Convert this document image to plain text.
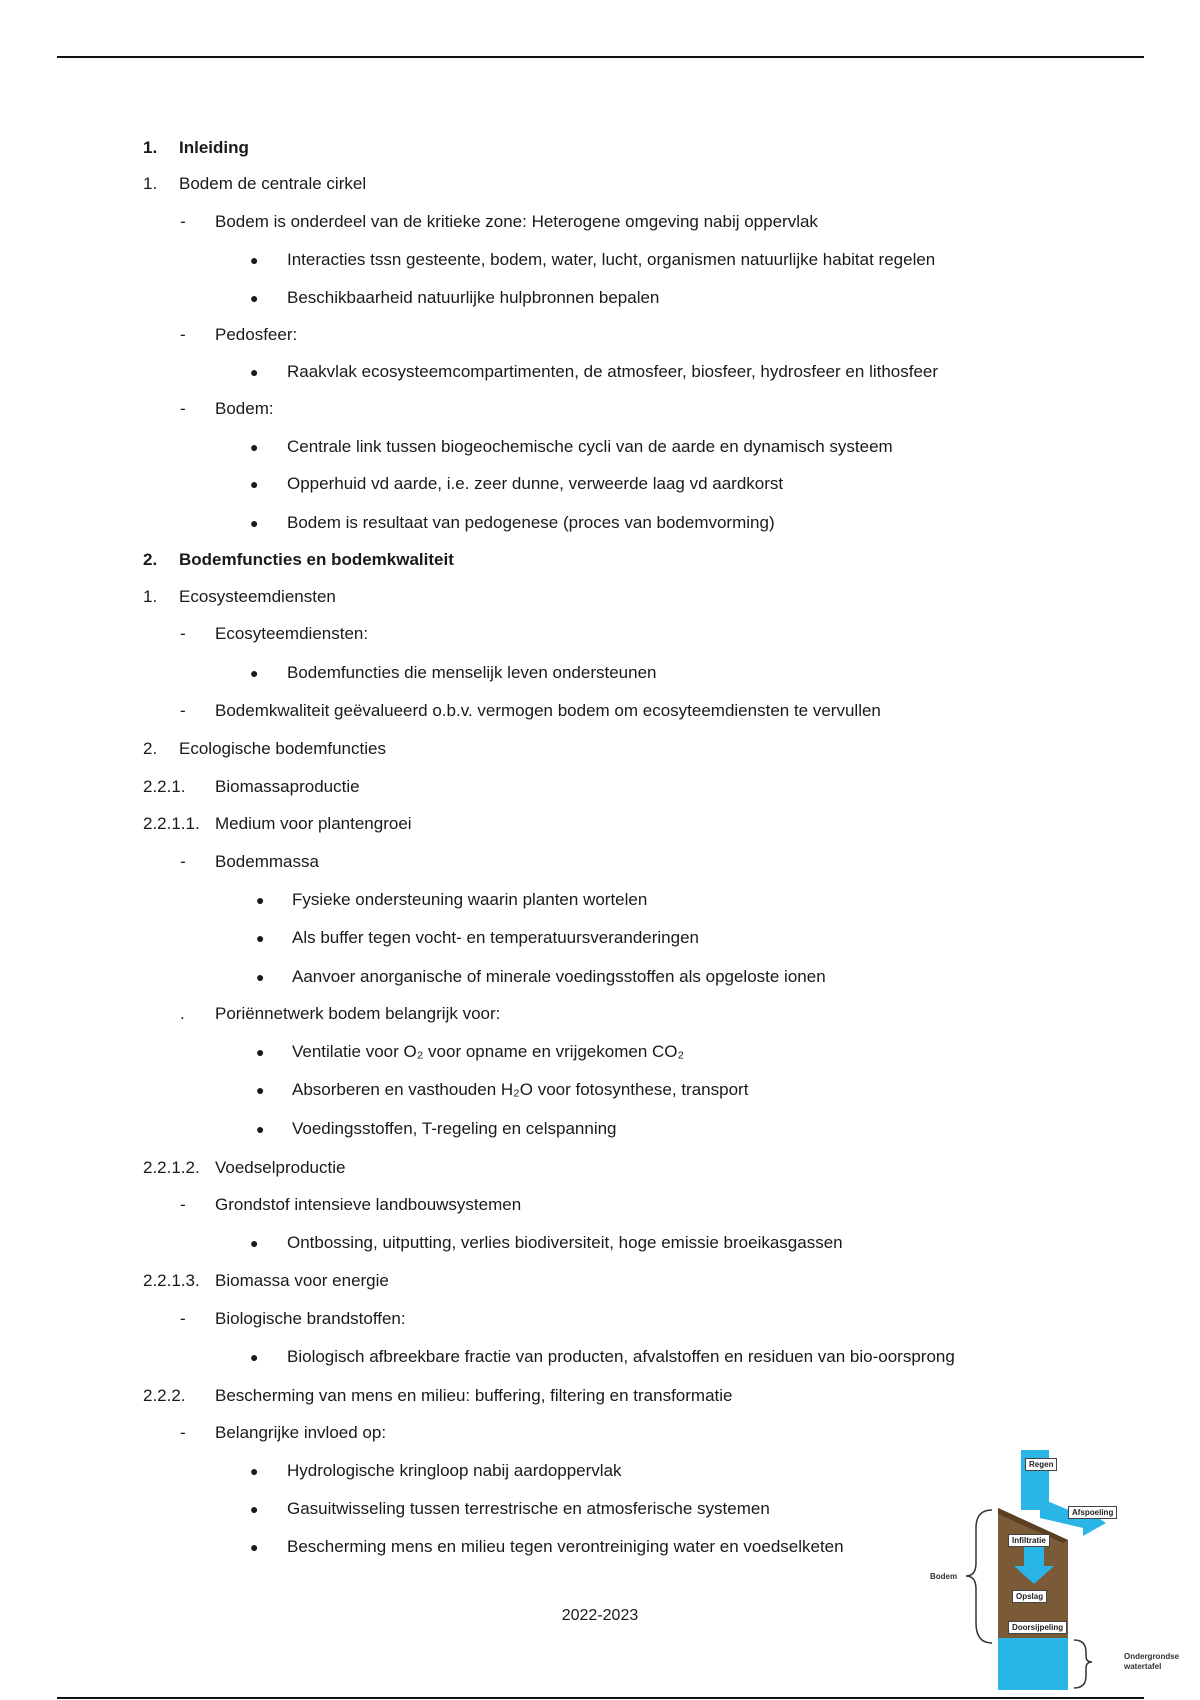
1. Inleiding
1. Bodem de centrale cirkel
- Bodem is onderdeel van de kritieke zone: Heterogene omgeving nabij oppervlak
● Interacties tssn gesteente, bodem, water, lucht, organismen natuurlijke habitat regelen
● Beschikbaarheid natuurlijke hulpbronnen bepalen
- Pedosfeer:
● Raakvlak ecosysteemcompartimenten, de atmosfeer, biosfeer, hydrosfeer en lithosfeer
- Bodem:
● Centrale link tussen biogeochemische cycli van de aarde en dynamisch systeem
● Opperhuid vd aarde, i.e. zeer dunne, verweerde laag vd aardkorst
● Bodem is resultaat van pedogenese (proces van bodemvorming)
2. Bodemfuncties en bodemkwaliteit
1. Ecosysteemdiensten
- Ecosyteemdiensten:
● Bodemfuncties die menselijk leven ondersteunen
- Bodemkwaliteit geëvalueerd o.b.v. vermogen bodem om ecosyteemdiensten te vervullen
2. Ecologische bodemfuncties
2.2.1. Biomassaproductie
2.2.1.1. Medium voor plantengroei
- Bodemmassa
● Fysieke ondersteuning waarin planten wortelen
● Als buffer tegen vocht- en temperatuursveranderingen
● Aanvoer anorganische of minerale voedingsstoffen als opgeloste ionen
. Poriënnetwerk bodem belangrijk voor:
● Ventilatie voor O₂ voor opname en vrijgekomen CO₂
● Absorberen en vasthouden H₂O voor fotosynthese, transport
● Voedingsstoffen, T-regeling en celspanning
2.2.1.2. Voedselproductie
- Grondstof intensieve landbouwsystemen
● Ontbossing, uitputting, verlies biodiversiteit, hoge emissie broeikasgassen
2.2.1.3. Biomassa voor energie
- Biologische brandstoffen:
● Biologisch afbreekbare fractie van producten, afvalstoffen en residuen van bio-oorsprong
2.2.2. Bescherming van mens en milieu: buffering, filtering en transformatie
- Belangrijke invloed op:
● Hydrologische kringloop nabij aardoppervlak
● Gasuitwisseling tussen terrestrische en atmosferische systemen
● Bescherming mens en milieu tegen verontreiniging water en voedselketen
2022-2023
Regen
Afspoeling
Infiltratie
Opslag
Doorsijpeling
Bodem
Ondergrondse
watertafel
